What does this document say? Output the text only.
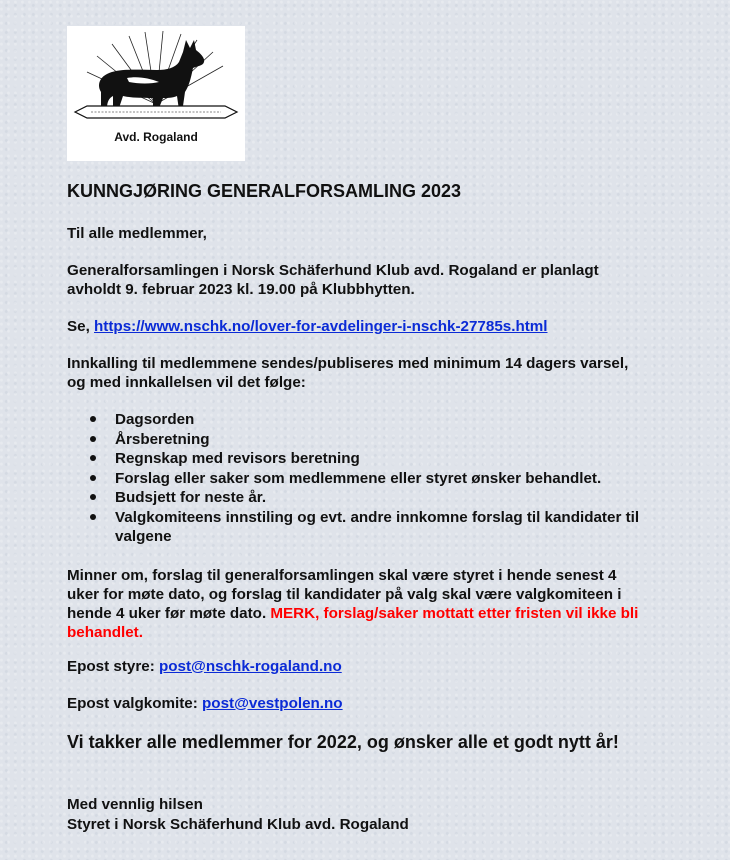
Avd. Rogaland
KUNNGJØRING GENERALFORSAMLING 2023

Til alle medlemmer,

Generalforsamlingen i Norsk Schäferhund Klub avd. Rogaland er planlagt
avholdt 9. februar 2023 kl. 19.00 på Klubbhytten.

Se, https://www.nschk.no/lover-for-avdelinger-i-nschk-27785s.html

Innkalling til medlemmene sendes/publiseres med minimum 14 dagers varsel,
og med innkallelsen vil det følge:

Dagsorden
Årsberetning
Regnskap med revisors beretning
Forslag eller saker som medlemmene eller styret ønsker behandlet.
Budsjett for neste år.
Valgkomiteens innstiling og evt. andre innkomne forslag til kandidater til
valgene

Minner om, forslag til generalforsamlingen skal være styret i hende senest 4
uker for møte dato, og forslag til kandidater på valg skal være valgkomiteen i
hende 4 uker før møte dato. MERK, forslag/saker mottatt etter fristen vil ikke bli
behandlet.

Epost styre: post@nschk-rogaland.no

Epost valgkomite: post@vestpolen.no

Vi takker alle medlemmer for 2022, og ønsker alle et godt nytt år!

Med vennlig hilsen

Styret i Norsk Schäferhund Klub avd. Rogaland
